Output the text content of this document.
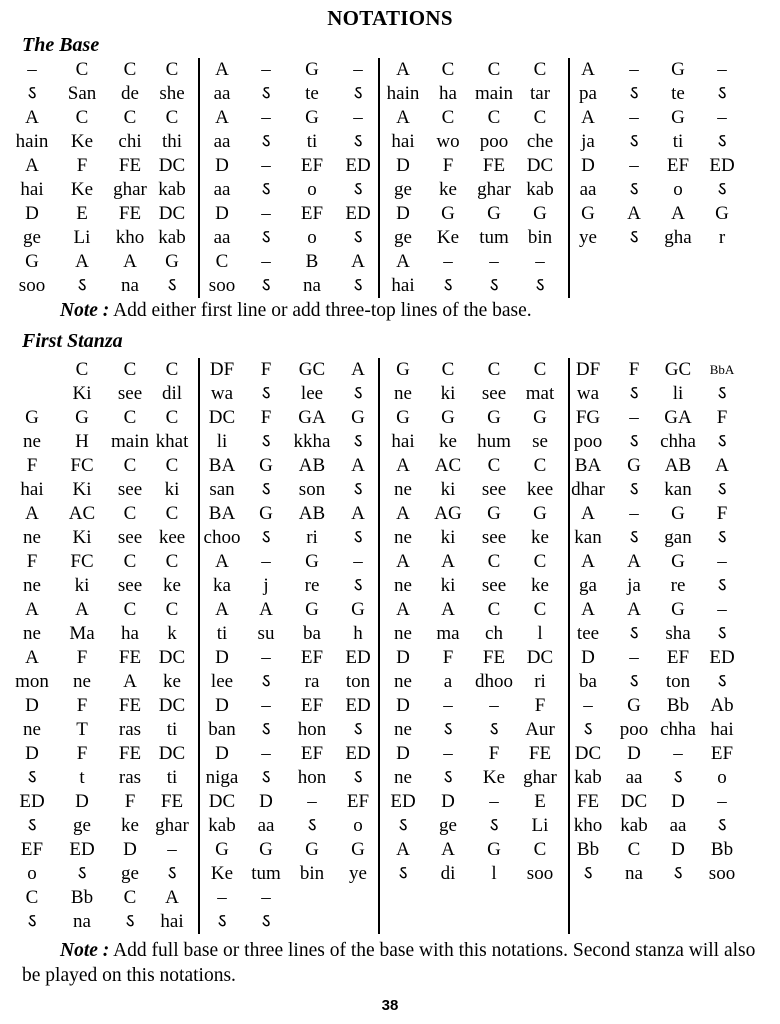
NOTATIONS
The Base
– C C C A – G – A C C C A – G –
ऽ San de she aa ऽ te ऽ hain ha main tar pa ऽ te ऽ
A C C C A – G – A C C C A – G –
hain Ke chi thi aa ऽ ti ऽ hai wo poo che ja ऽ ti ऽ
A F FE DC D – EF ED D F FE DC D – EF ED
hai Ke ghar kab aa ऽ o ऽ ge ke ghar kab aa ऽ o ऽ
D E FE DC D – EF ED D G G G G A A G
ge Li kho kab aa ऽ o ऽ ge Ke tum bin ye ऽ gha r
G A A G C – B A A – – –
soo ऽ na ऽ soo ऽ na ऽ hai ऽ ऽ ऽ
Note : Add either first line or add three-top lines of the base.
First Stanza
C C C DF F GC A G C C C DF F GC BbA
Ki see dil wa ऽ lee ऽ ne ki see mat wa ऽ li ऽ
G G C C DC F GA G G G G G FG – GA F
ne H main khat li ऽ kkha ऽ hai ke hum se poo ऽ chha ऽ
F FC C C BA G AB A A AC C C BA G AB A
hai Ki see ki san ऽ son ऽ ne ki see kee dhar ऽ kan ऽ
A AC C C BA G AB A A AG G G A – G F
ne Ki see kee choo ऽ ri ऽ ne ki see ke kan ऽ gan ऽ
F FC C C A – G – A A C C A A G –
ne ki see ke ka j re ऽ ne ki see ke ga ja re ऽ
A A C C A A G G A A C C A A G –
ne Ma ha k ti su ba h ne ma ch l tee ऽ sha ऽ
A F FE DC D – EF ED D F FE DC D – EF ED
mon ne A ke lee ऽ ra ton ne a dhoo ri ba ऽ ton ऽ
D F FE DC D – EF ED D – – F – G Bb Ab
ne T ras ti ban ऽ hon ऽ ne ऽ ऽ Aur ऽ poo chha hai
D F FE DC D – EF ED D – F FE DC D – EF
ऽ t ras ti niga ऽ hon ऽ ne ऽ Ke ghar kab aa ऽ o
ED D F FE DC D – EF ED D – E FE DC D –
ऽ ge ke ghar kab aa ऽ o ऽ ge ऽ Li kho kab aa ऽ
EF ED D – G G G G A A G C Bb C D Bb
o ऽ ge ऽ Ke tum bin ye ऽ di l soo ऽ na ऽ soo
C Bb C A – –
ऽ na ऽ hai ऽ ऽ
Note : Add full base or three lines of the base with this notations. Second stanza will also be played on this notations.
38
